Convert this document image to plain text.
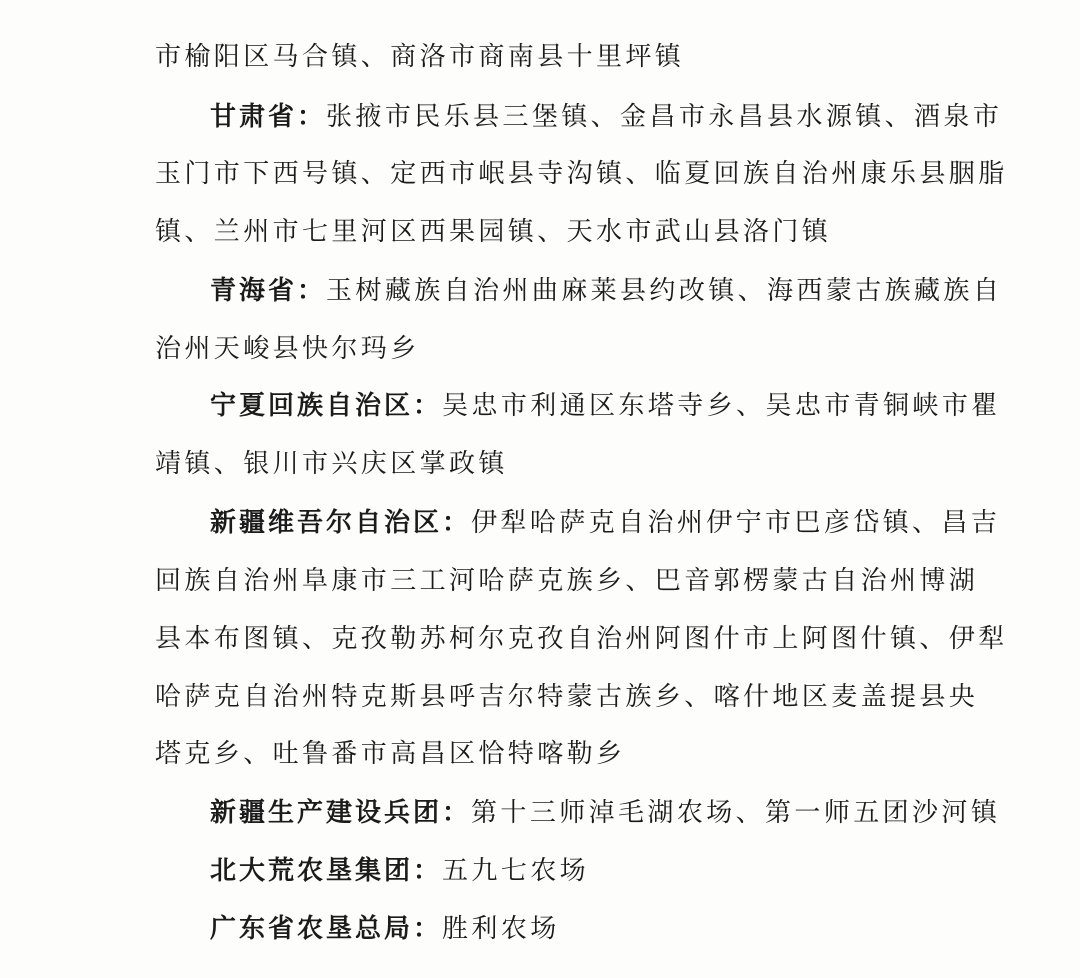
市榆阳区马合镇、商洛市商南县十里坪镇
甘肃省：张掖市民乐县三堡镇、金昌市永昌县水源镇、酒泉市
玉门市下西号镇、定西市岷县寺沟镇、临夏回族自治州康乐县胭脂
镇、兰州市七里河区西果园镇、天水市武山县洛门镇
青海省：玉树藏族自治州曲麻莱县约改镇、海西蒙古族藏族自
治州天峻县快尔玛乡
宁夏回族自治区：吴忠市利通区东塔寺乡、吴忠市青铜峡市瞿
靖镇、银川市兴庆区掌政镇
新疆维吾尔自治区：伊犁哈萨克自治州伊宁市巴彦岱镇、昌吉
回族自治州阜康市三工河哈萨克族乡、巴音郭楞蒙古自治州博湖
县本布图镇、克孜勒苏柯尔克孜自治州阿图什市上阿图什镇、伊犁
哈萨克自治州特克斯县呼吉尔特蒙古族乡、喀什地区麦盖提县央
塔克乡、吐鲁番市高昌区恰特喀勒乡
新疆生产建设兵团：第十三师淖毛湖农场、第一师五团沙河镇
北大荒农垦集团：五九七农场
广东省农垦总局：胜利农场
